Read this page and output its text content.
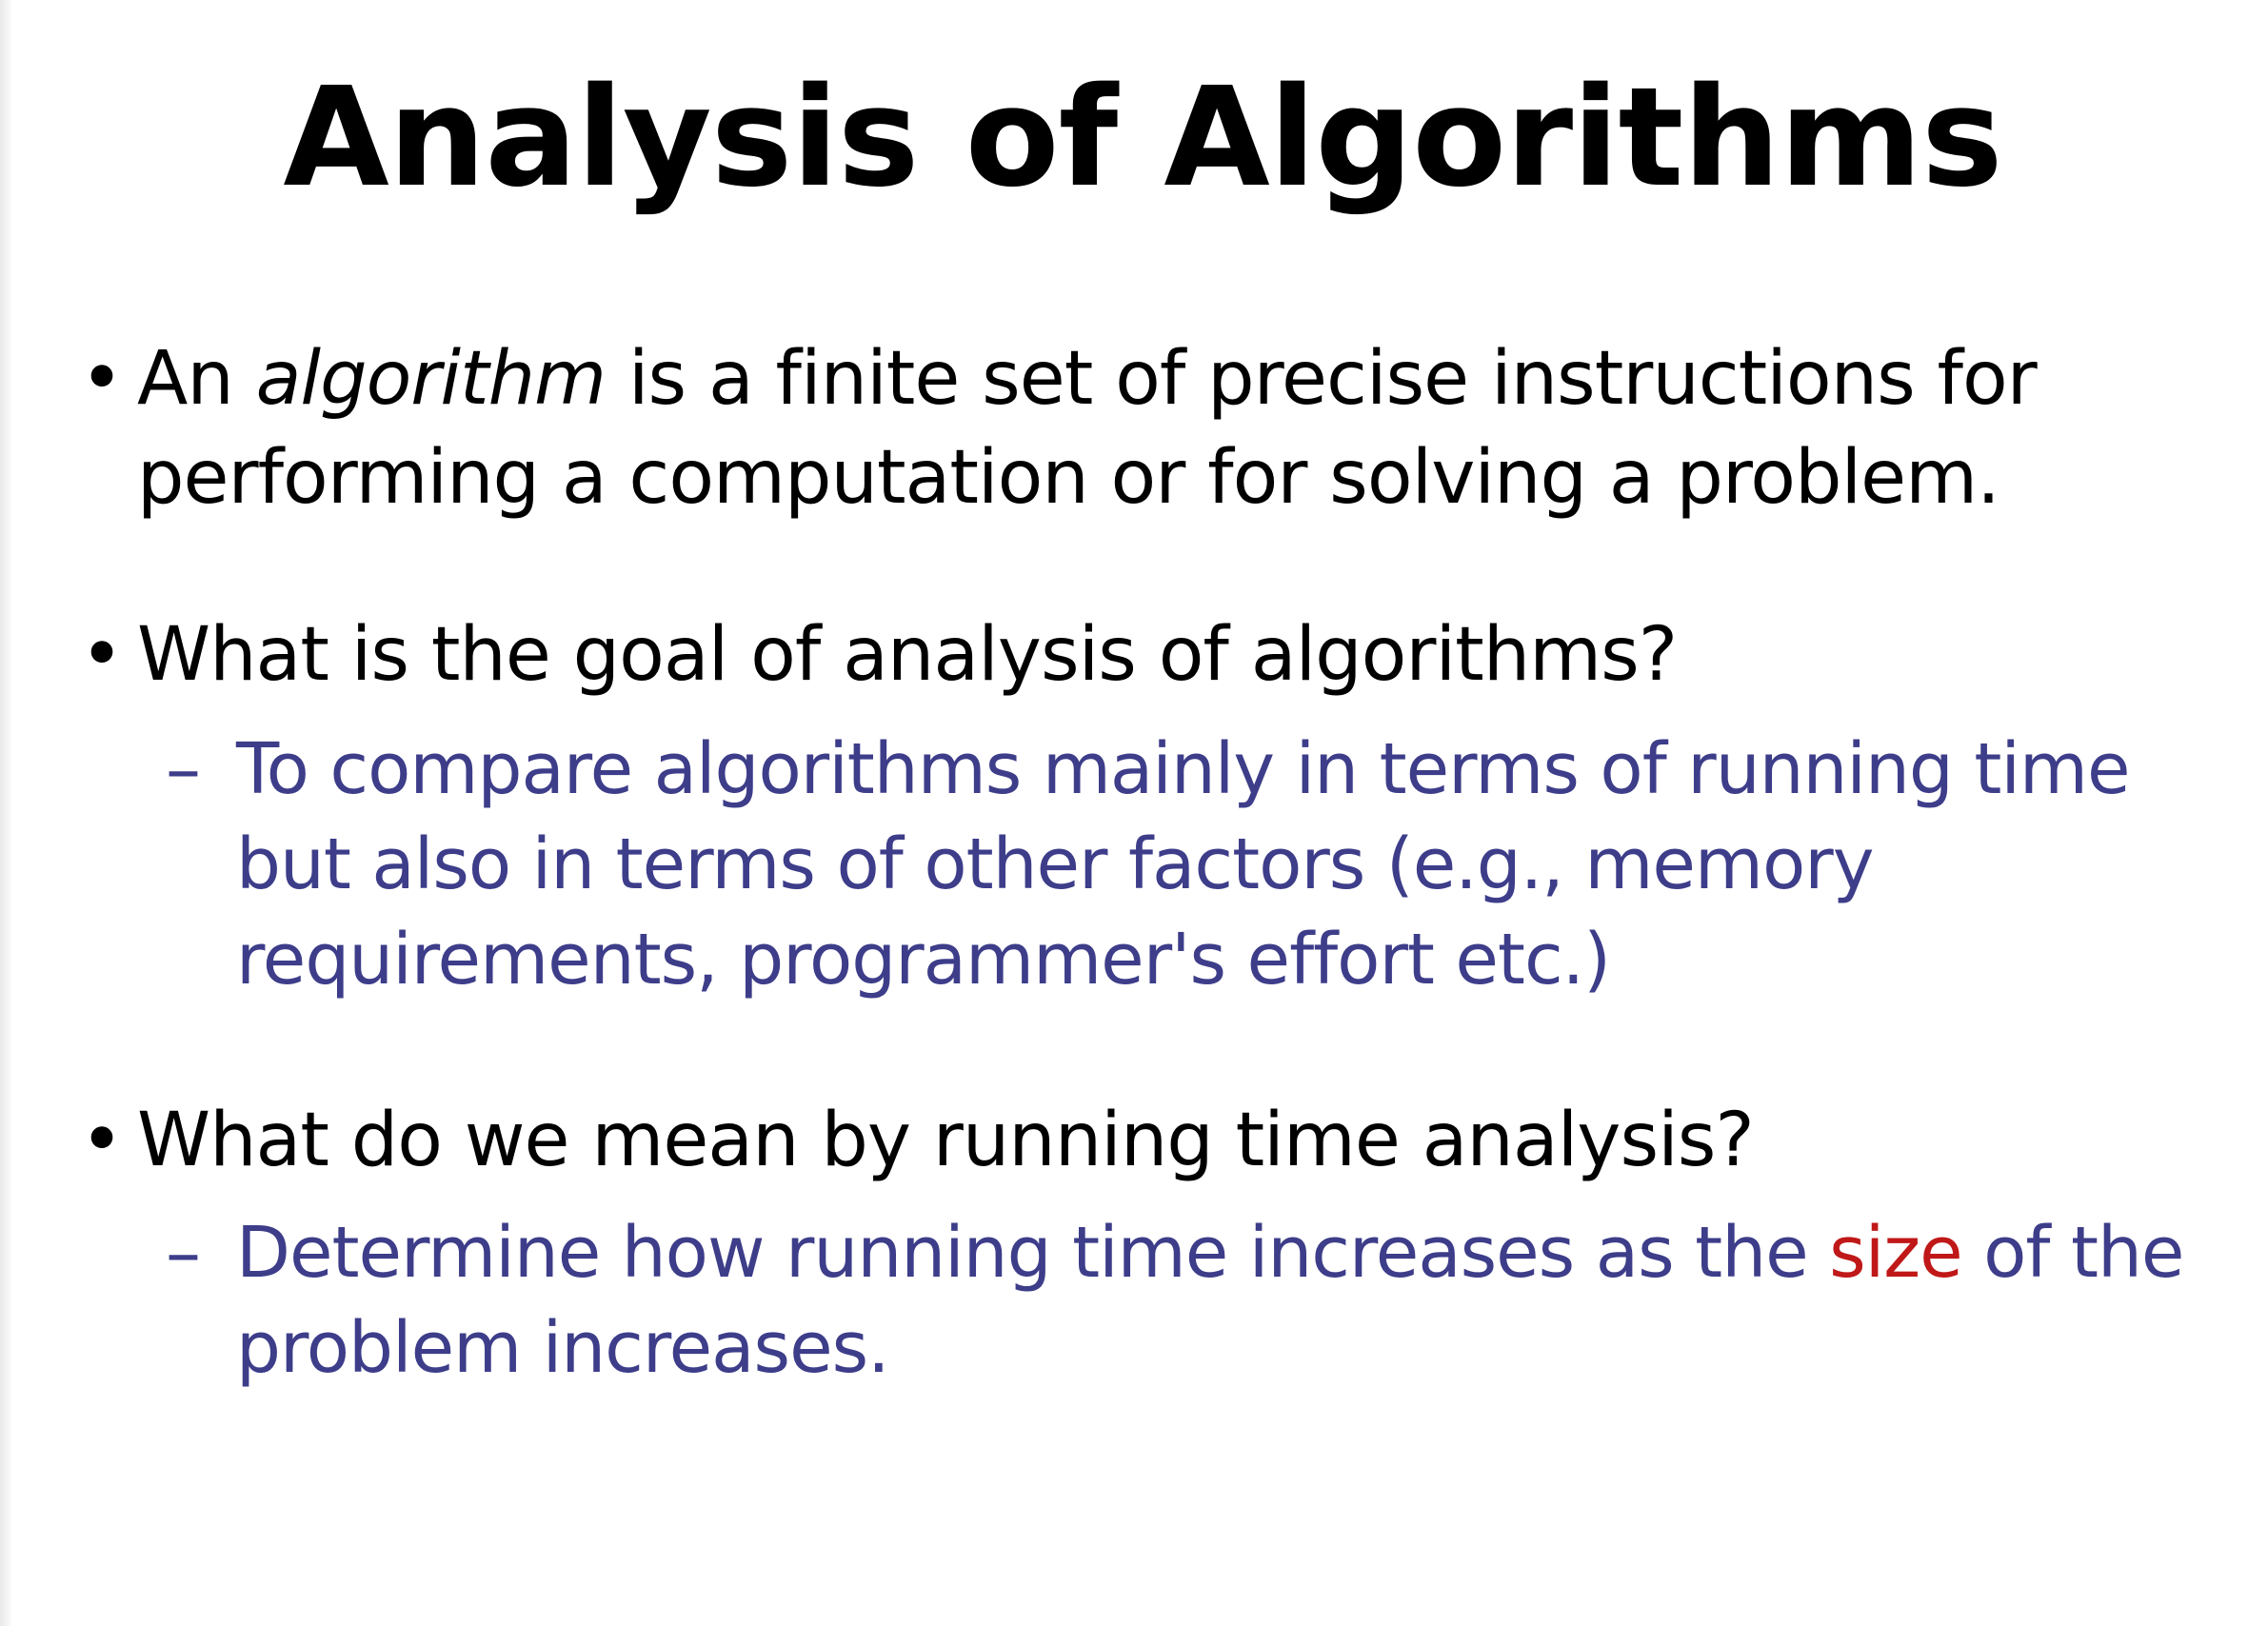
Analysis of Algorithms
• An algorithm is a finite set of precise instructions for performing a computation or for solving a problem.
• What is the goal of analysis of algorithms?
– To compare algorithms mainly in terms of running time but also in terms of other factors (e.g., memory requirements, programmer's effort etc.)
• What do we mean by running time analysis?
– Determine how running time increases as the size of the problem increases.
